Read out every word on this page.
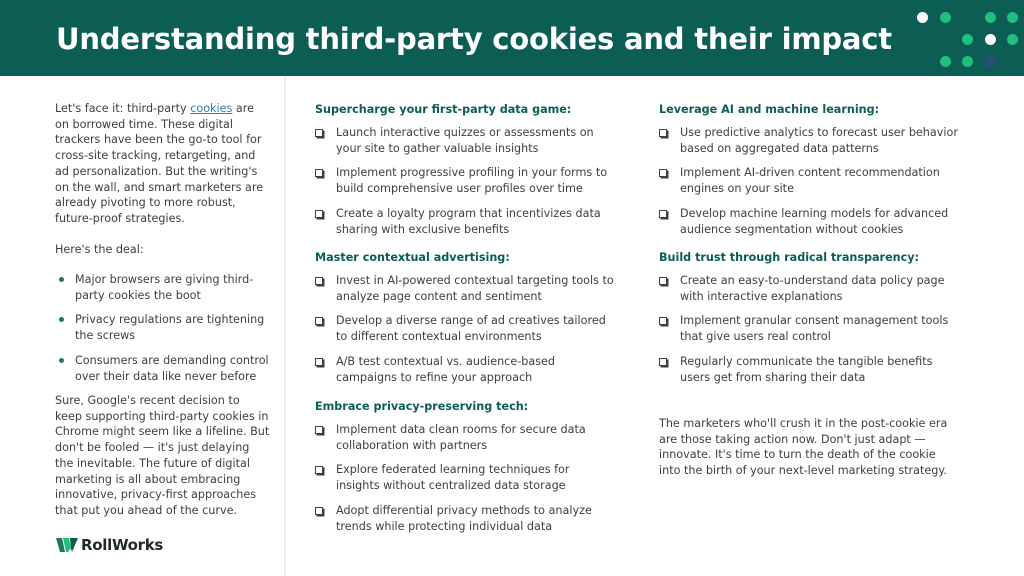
Understanding third-party cookies and their impact

Let's face it: third-party cookies are on borrowed time. These digital trackers have been the go-to tool for cross-site tracking, retargeting, and ad personalization. But the writing's on the wall, and smart marketers are already pivoting to more robust, future-proof strategies.

Here's the deal:

Major browsers are giving third-party cookies the boot
Privacy regulations are tightening the screws
Consumers are demanding control over their data like never before

Sure, Google's recent decision to keep supporting third-party cookies in Chrome might seem like a lifeline. But don't be fooled — it's just delaying the inevitable. The future of digital marketing is all about embracing innovative, privacy-first approaches that put you ahead of the curve.

RollWorks
Supercharge your first-party data game:
Launch interactive quizzes or assessments on your site to gather valuable insights
Implement progressive profiling in your forms to build comprehensive user profiles over time
Create a loyalty program that incentivizes data sharing with exclusive benefits
Master contextual advertising:
Invest in AI-powered contextual targeting tools to analyze page content and sentiment
Develop a diverse range of ad creatives tailored to different contextual environments
A/B test contextual vs. audience-based campaigns to refine your approach
Embrace privacy-preserving tech:
Implement data clean rooms for secure data collaboration with partners
Explore federated learning techniques for insights without centralized data storage
Adopt differential privacy methods to analyze trends while protecting individual data
Leverage AI and machine learning:
Use predictive analytics to forecast user behavior based on aggregated data patterns
Implement AI-driven content recommendation engines on your site
Develop machine learning models for advanced audience segmentation without cookies
Build trust through radical transparency:
Create an easy-to-understand data policy page with interactive explanations
Implement granular consent management tools that give users real control
Regularly communicate the tangible benefits users get from sharing their data

The marketers who'll crush it in the post-cookie era are those taking action now. Don't just adapt — innovate. It's time to turn the death of the cookie into the birth of your next-level marketing strategy.
